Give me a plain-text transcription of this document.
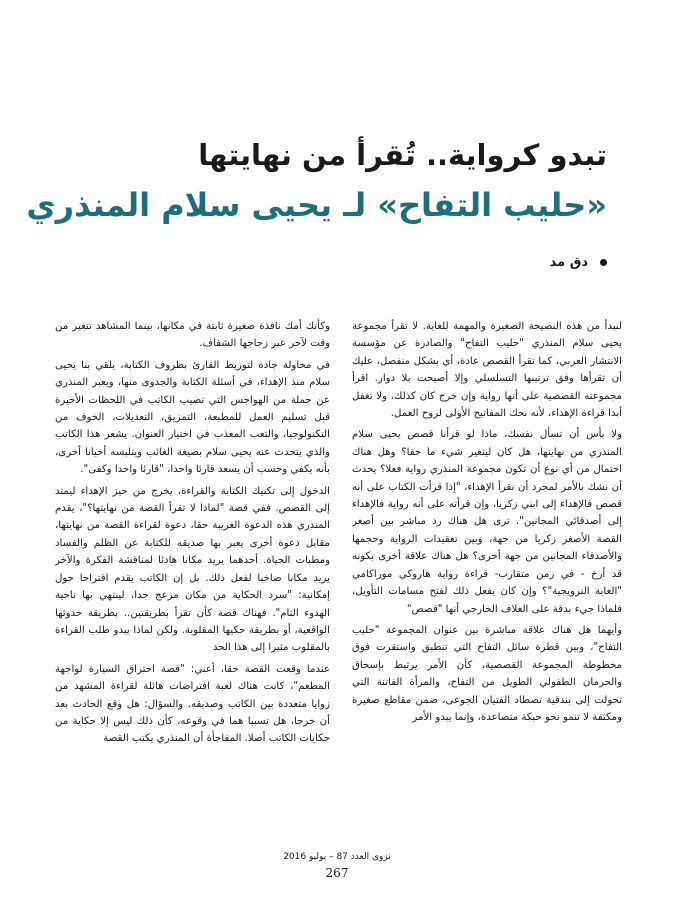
تبدو كرواية.. تُقرأ من نهايتها
«حليب التفاح» لـ يحيى سلام المنذري
دق مد

لنبدأ من هذه النصيحة الصغيرة والمهمة للغاية. لا تقرأ مجموعة يحيى سلام المنذري "حليب التفاح" والصادرة عن مؤسسة الانتشار العربي، كما تقرأ القصص عادة، أي بشكل منفصل، عليك أن تقرأها وفق ترتيبها التسلسلي وإلا أصبحت بلا دوار. اقرأ مجموعته القصصية على أنها رواية وإن خرج كان كذلك، ولا تغفل أبدا قراءة الإهداء، لأنه نحك المفاتيح الأولى لروح العمل.

ولا بأس أن تسأل نفسك، ماذا لو قرأنا قصص يحيى سلام المنذري من نهايتها، هل كان ليتغير شيء ما حقا؟ وهل هناك احتمال من أي نوع أن تكون مجموعة المنذري رواية فعلا؟ يحدث أن نشك بالأمر لمجرد أن نقرأ الإهداء، "إذا قرأت الكتاب على أنه قصص فالإهداء إلى ابني زكريا، وإن قرأته على أنه رواية فالإهداء إلى أصدقائي المجانين". ترى هل هناك رد مباشر بين أصغر القصة الأصغر زكريا من جهة، وبين تعقيدات الرواية وحجمها والأصدقاء المجانين من جهة أخرى؟ هل هناك علاقة أخرى بكونه قد أرخ - في زمن متقارب- قراءة رواية هاروكي موراكامي "الغابة النرويجية"؟ وإن كان يفعل ذلك لفتح مسامات التأويل، فلماذا جيء بدقة على الغلاف الخارجي أنها "قصص"

وأيهما هل هناك علاقة مباشرة بين عنوان المجموعة "حليب التفاح"، وبين قطرة سائل التفاح التي تنطبق واستقرت فوق مخطوطة المجموعة القصصية، كأن الأمر يرتبط بإسحاق والحرمان الطفولي الطويل من التفاح، والمرأة الفاتنة التي تحولت إلى بندقية تصطاد الفتيان الجوعى، ضمن مقاطع صغيرة ومكثفة لا تنمو نحو حبكة متصاعدة، وإنما يبدو الأمر

وكأنك أمك نافذة صغيرة ثابتة في مكانها، بينما المشاهد تتغير من وقت لآخر عبر زجاجها الشفاف.

في محاولة جادة لتوريط القارئ بظروف الكتابة، يلقي بنا يحيى سلام منذ الإهداء، في أسئلة الكتابة والجدوى منها، ويعبر المنذري عن جملة من الهواجس التي تصيب الكاتب في اللحظات الأخيرة قبل تسليم العمل للمطبعة، التمزيق، التعديلات، الخوف من التكنولوجيا، والتعب المعذب في اختيار العنوان. يشعر هذا الكاتب والذي يتحدث عنه يحيى سلام بصيغة الغائب ويتلبسه أحيانا أخرى، بأنه يكفي وحسب أن يسعد قارئا واحدا، "قارئا واحدا وكفى".

الدخول إلى تكنيك الكتابة والقراءة، يخرج من حيز الإهداء ليمتد إلى القصص. ففي قصة "لماذا لا تقرأ القصة من نهايتها؟"، يقدم المنذري هذه الدعوة الغريبة حقا، دعوة لقراءة القصة من نهايتها، مقابل دعوة أخرى يعبر بها صديقه للكتابة عن الظلم والفساد ومطبات الحياة. أحدهما يريد مكانا هادئا لمناقشة الفكرة والآخر يريد مكانا صاخبا لفعل ذلك. بل إن الكاتب يقدم اقتراحا حول إمكانية: "سرد الحكاية من مكان مزعج جدا، لينتهي بها ناحية الهدوء التام". فهناك قصة كأن تقرأ بطريقتين.. بطريقة حدوثها الواقعية، أو بطريقة حكيها المقلوبة. ولكن لماذا يبدو طلب القراءة بالمقلوب مثيرا إلى هذا الحد

عندما وقعت القصة حقا، أعني: "قصة احتراق السيارة لواجهة المطعم"، كانت هناك لعبة افتراضات هائلة لقراءة المشهد من زوايا متعددة بين الكاتب وصديقه. والسؤال: هل وقع الحادث بعد أن خرجا، هل تسببا هما في وقوعه، كأن ذلك ليس إلا حكاية من حكايات الكاتب أصلا. المفاجأة أن المنذري يكتب القصة

نزوى العدد 87 – يوليو 2016
267
